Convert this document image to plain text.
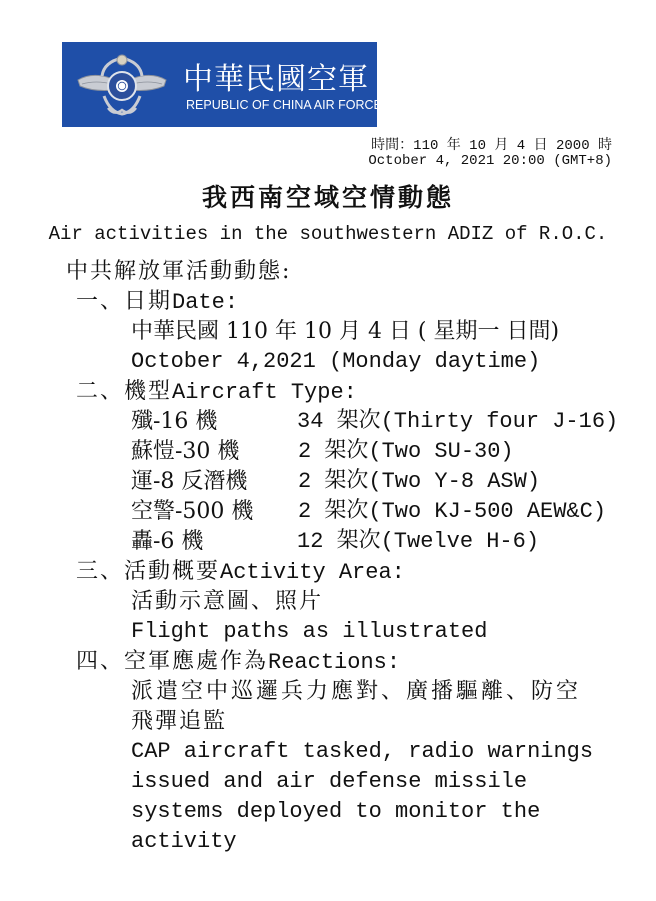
中華民國空軍
REPUBLIC OF CHINA AIR FORCE
時間：110 年 10 月 4 日 2000 時
October 4, 2021 20:00 (GMT+8)
我西南空域空情動態
Air activities in the southwestern ADIZ of R.O.C.
中共解放軍活動動態:
一、日期Date:
中華民國 110 年 10 月 4 日 ( 星期一 日間)
October 4,2021 (Monday daytime)
二、機型Aircraft Type:
殲-16 機	34 架次(Thirty four J-16)
蘇愷-30 機	2 架次(Two SU-30)
運-8 反潛機 2 架次(Two Y-8 ASW)
空警-500 機 2 架次(Two KJ-500 AEW&C)
轟-6 機	12 架次(Twelve H-6)
三、活動概要Activity Area:
活動示意圖、照片
Flight paths as illustrated
四、空軍應處作為Reactions:
派遣空中巡邏兵力應對、廣播驅離、防空
飛彈追監
CAP aircraft tasked, radio warnings
issued and air defense missile
systems deployed to monitor the
activity
